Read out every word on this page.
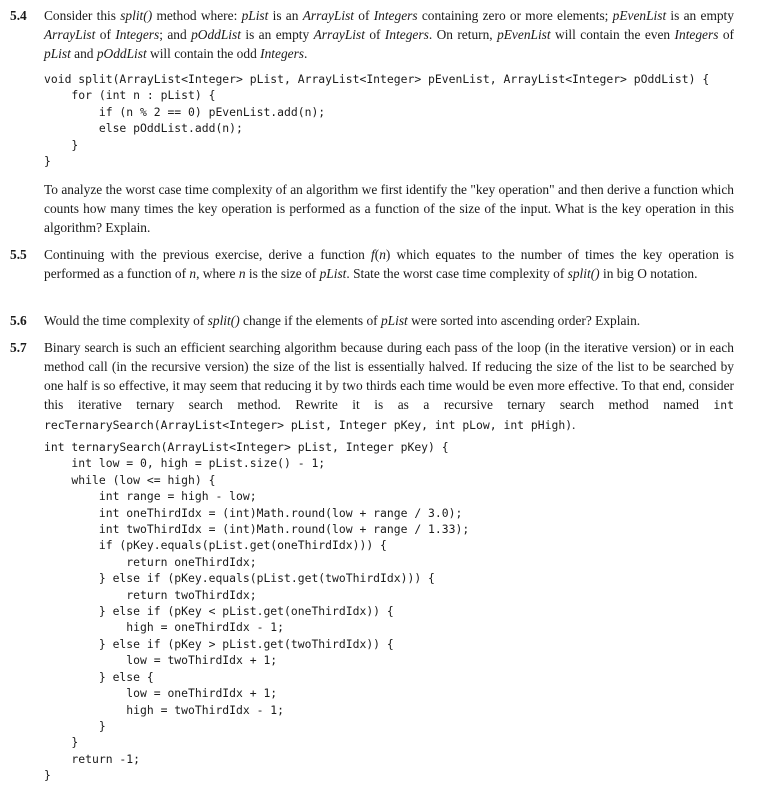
5.4	Consider this split() method where: pList is an ArrayList of Integers containing zero or more elements; pEvenList is an empty ArrayList of Integers; and pOddList is an empty ArrayList of Integers. On return, pEvenList will contain the even Integers of pList and pOddList will contain the odd Integers.
void split(ArrayList<Integer> pList, ArrayList<Integer> pEvenList, ArrayList<Integer> pOddList) {
for (int n : pList) {
if (n % 2 == 0) pEvenList.add(n);
else pOddList.add(n);
}
}
To analyze the worst case time complexity of an algorithm we first identify the "key operation" and then derive a function which counts how many times the key operation is performed as a function of the size of the input. What is the key operation in this algorithm? Explain.
5.5	Continuing with the previous exercise, derive a function f(n) which equates to the number of times the key operation is performed as a function of n, where n is the size of pList. State the worst case time complexity of split() in big O notation.
5.6	Would the time complexity of split() change if the elements of pList were sorted into ascending order? Explain.
5.7	Binary search is such an efficient searching algorithm because during each pass of the loop (in the iterative version) or in each method call (in the recursive version) the size of the list is essentially halved. If reducing the size of the list to be searched by one half is so effective, it may seem that reducing it by two thirds each time would be even more effective. To that end, consider this iterative ternary search method. Rewrite it is as a recursive ternary search method named int recTernarySearch(ArrayList<Integer> pList, Integer pKey, int pLow, int pHigh).
int ternarySearch(ArrayList<Integer> pList, Integer pKey) {
int low = 0, high = pList.size() - 1;
while (low <= high) {
int range = high - low;
int oneThirdIdx = (int)Math.round(low + range / 3.0);
int twoThirdIdx = (int)Math.round(low + range / 1.33);
if (pKey.equals(pList.get(oneThirdIdx))) {
return oneThirdIdx;
} else if (pKey.equals(pList.get(twoThirdIdx))) {
return twoThirdIdx;
} else if (pKey < pList.get(oneThirdIdx)) {
high = oneThirdIdx - 1;
} else if (pKey > pList.get(twoThirdIdx)) {
low = twoThirdIdx + 1;
} else {
low = oneThirdIdx + 1;
high = twoThirdIdx - 1;
}
}
return -1;
}
